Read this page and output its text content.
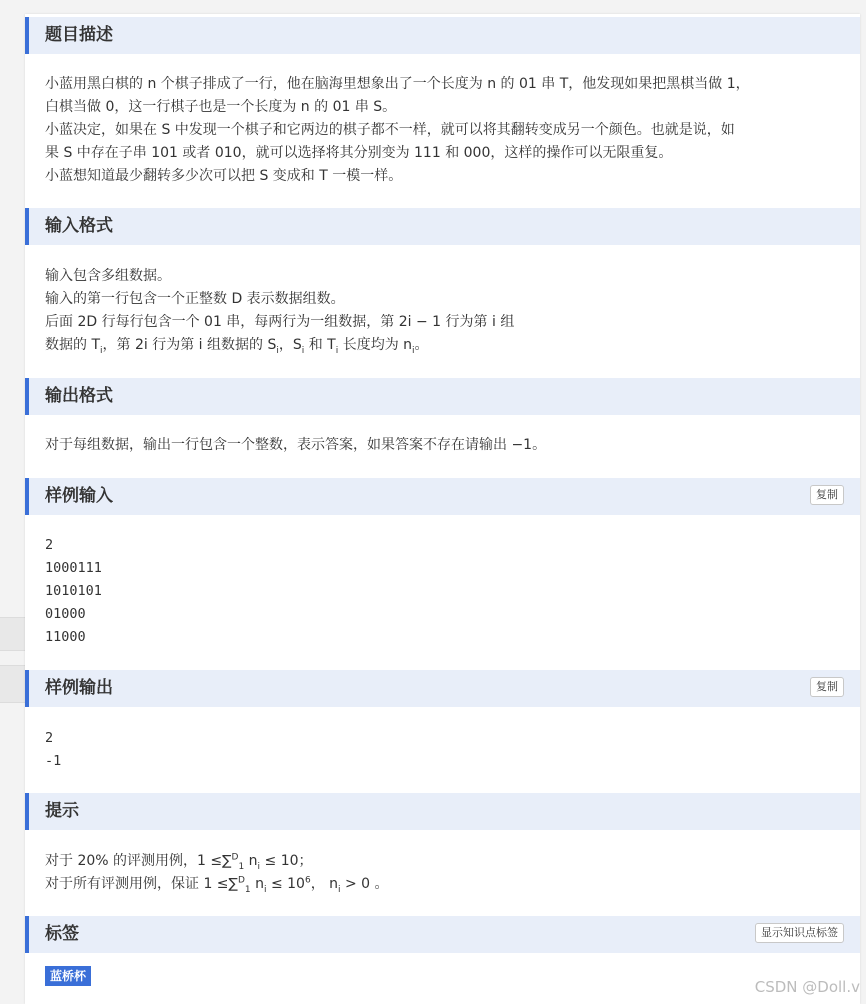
题目描述
小蓝用黑白棋的 n 个棋子排成了一行，他在脑海里想象出了一个长度为 n 的 01 串 T，他发现如果把黑棋当做 1，
白棋当做 0，这一行棋子也是一个长度为 n 的 01 串 S。
小蓝决定，如果在 S 中发现一个棋子和它两边的棋子都不一样，就可以将其翻转变成另一个颜色。也就是说，如
果 S 中存在子串 101 或者 010，就可以选择将其分别变为 111 和 000，这样的操作可以无限重复。
小蓝想知道最少翻转多少次可以把 S 变成和 T 一模一样。
输入格式
输入包含多组数据。
输入的第一行包含一个正整数 D 表示数据组数。
后面 2D 行每行包含一个 01 串，每两行为一组数据，第 2i − 1 行为第 i 组
数据的 $T_i$，第 2i 行为第 i 组数据的 $S_i$，$S_i$ 和 $T_i$ 长度均为 $n_i$。
输出格式
对于每组数据，输出一行包含一个整数，表示答案，如果答案不存在请输出 −1。
样例输入	复制
2
1000111
1010101
01000
11000
样例输出	复制
2
-1
提示
对于 20% 的评测用例，1 ≤∑$^D_1$ $n_i \le 10$；
对于所有评测用例，保证 1 ≤∑$^D_1$ $n_i \le 10^6$， $n_i > 0$ 。
标签	显示知识点标签
蓝桥杯
CSDN @Doll.v
